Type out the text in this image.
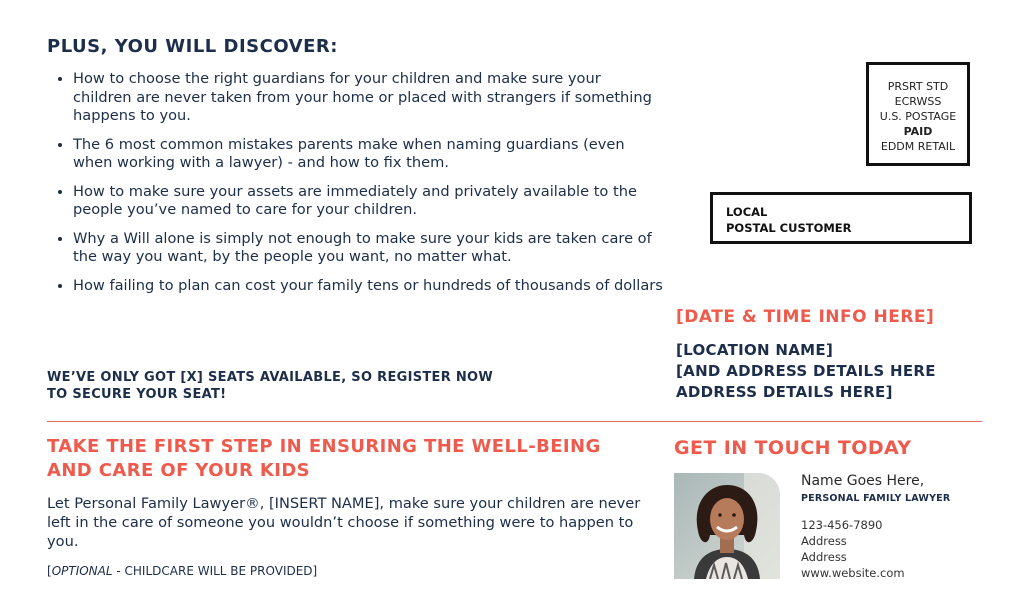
PLUS, YOU WILL DISCOVER:
• How to choose the right guardians for your children and make sure your children are never taken from your home or placed with strangers if something happens to you.
• The 6 most common mistakes parents make when naming guardians (even when working with a lawyer) - and how to fix them.
• How to make sure your assets are immediately and privately available to the people you’ve named to care for your children.
• Why a Will alone is simply not enough to make sure your kids are taken care of the way you want, by the people you want, no matter what.
• How failing to plan can cost your family tens or hundreds of thousands of dollars
WE’VE ONLY GOT [X] SEATS AVAILABLE, SO REGISTER NOW
TO SECURE YOUR SEAT!
PRSRT STD
ECRWSS
U.S. POSTAGE
PAID
EDDM RETAIL
LOCAL
POSTAL CUSTOMER
[DATE & TIME INFO HERE]
[LOCATION NAME]
[AND ADDRESS DETAILS HERE
ADDRESS DETAILS HERE]
TAKE THE FIRST STEP IN ENSURING THE WELL-BEING
AND CARE OF YOUR KIDS
Let Personal Family Lawyer®, [INSERT NAME], make sure your children are never left in the care of someone you wouldn’t choose if something were to happen to you.
[OPTIONAL - CHILDCARE WILL BE PROVIDED]
GET IN TOUCH TODAY
Name Goes Here,
PERSONAL FAMILY LAWYER
123-456-7890
Address
Address
www.website.com
